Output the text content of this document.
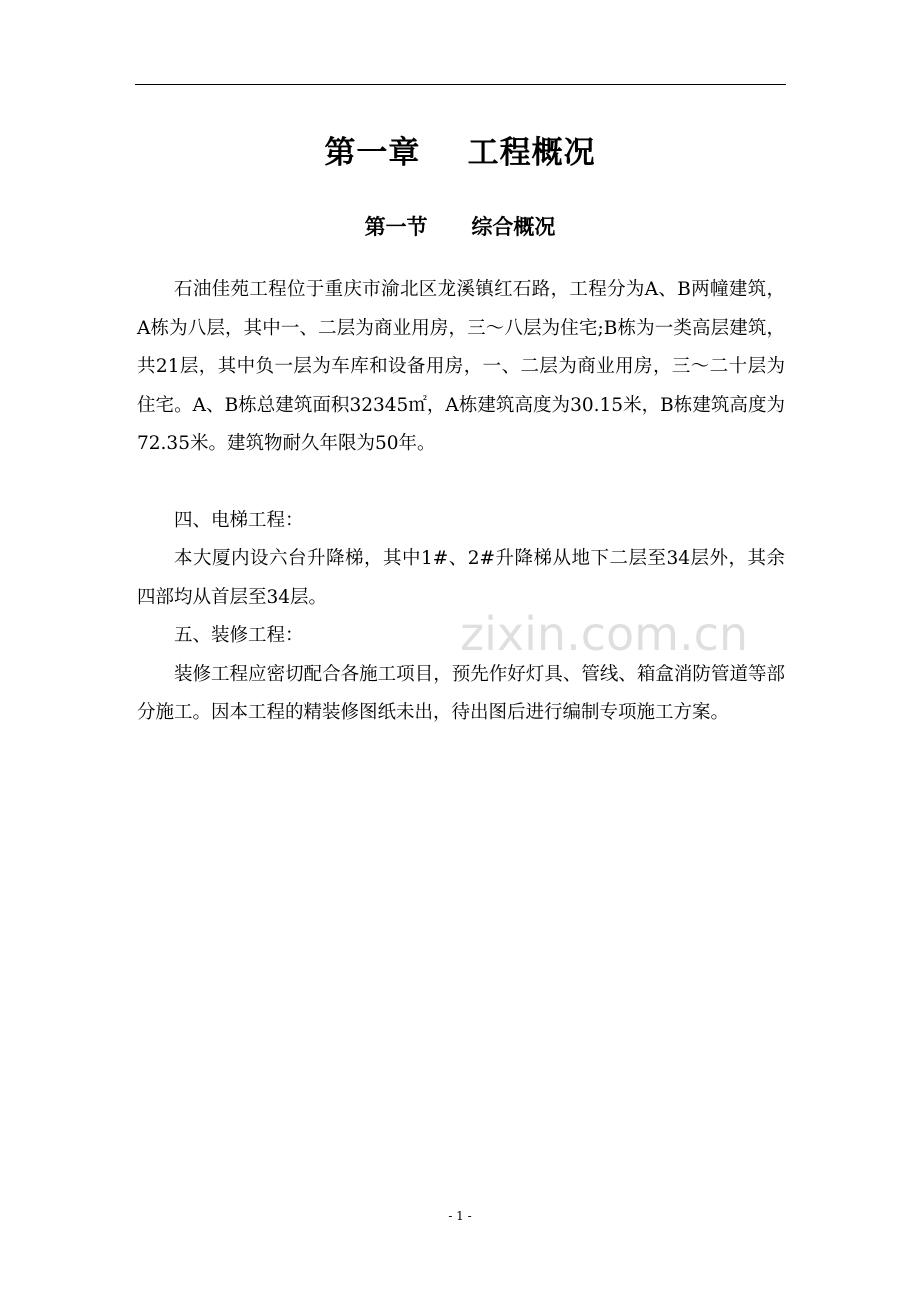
第一章    工程概况
第一节      综合概况

石油佳苑工程位于重庆市渝北区龙溪镇红石路，工程分为A、B两幢建筑，A栋为八层，其中一、二层为商业用房，三～八层为住宅;B栋为一类高层建筑，共21层，其中负一层为车库和设备用房，一、二层为商业用房，三～二十层为住宅。A、B栋总建筑面积32345㎡，A栋建筑高度为30.15米，B栋建筑高度为72.35米。建筑物耐久年限为50年。

四、电梯工程：

本大厦内设六台升降梯，其中1#、2#升降梯从地下二层至34层外，其余四部均从首层至34层。

五、装修工程：

装修工程应密切配合各施工项目，预先作好灯具、管线、箱盒消防管道等部分施工。因本工程的精装修图纸未出，待出图后进行编制专项施工方案。

zixin.com.cn
- 1 -
